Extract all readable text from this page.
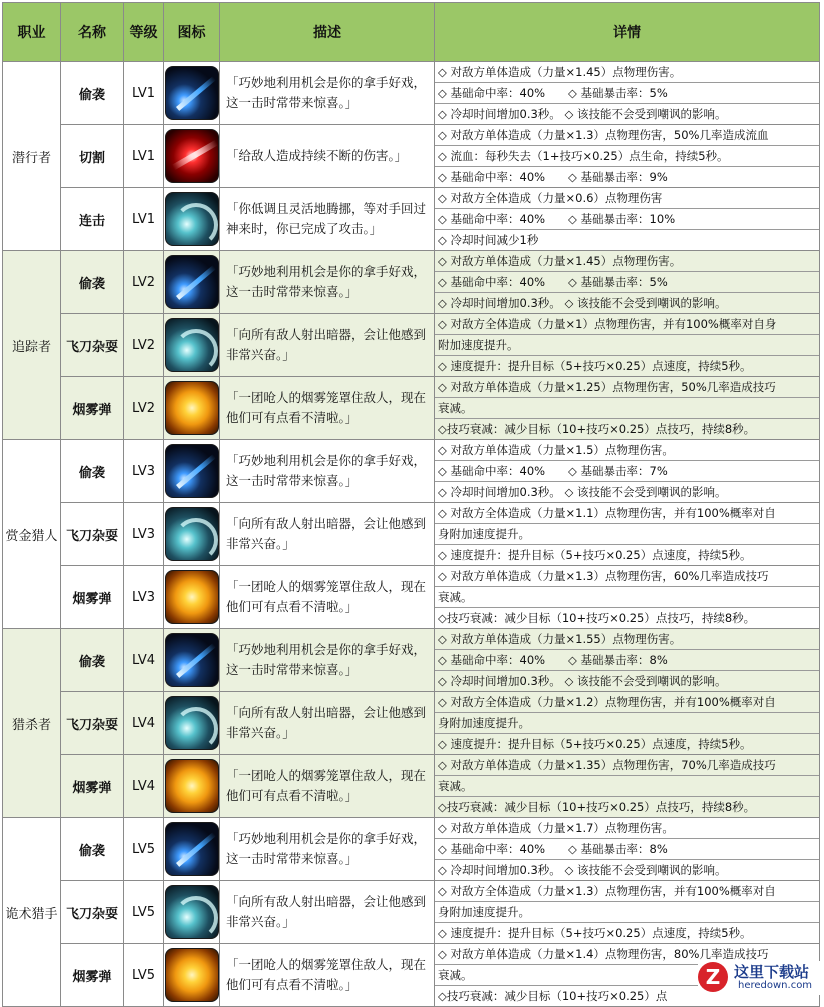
职业	名称	等级	图标	描述	详情
潜行者	偷袭	LV1		「巧妙地利用机会是你的拿手好戏，这一击时常带来惊喜。」	◇ 对敌方单体造成（力量×1.45）点物理伤害。
◇ 基础命中率：40%　　◇ 基础暴击率：5%
◇ 冷却时间增加0.3秒。 ◇ 该技能不会受到嘲讽的影响。

	切割	LV1		「给敌人造成持续不断的伤害。」	◇ 对敌方单体造成（力量×1.3）点物理伤害，50%几率造成流血
◇ 流血：每秒失去（1+技巧×0.25）点生命，持续5秒。
◇ 基础命中率：40%　　◇ 基础暴击率：9%

	连击	LV1		「你低调且灵活地腾挪，等对手回过神来时，你已完成了攻击。」	◇ 对敌方全体造成（力量×0.6）点物理伤害
◇ 基础命中率：40%　　◇ 基础暴击率：10%
◇ 冷却时间减少1秒

追踪者	偷袭	LV2		「巧妙地利用机会是你的拿手好戏，这一击时常带来惊喜。」	◇ 对敌方单体造成（力量×1.45）点物理伤害。
◇ 基础命中率：40%　　◇ 基础暴击率：5%
◇ 冷却时间增加0.3秒。 ◇ 该技能不会受到嘲讽的影响。

	飞刀杂耍	LV2		「向所有敌人射出暗器，会让他感到非常兴奋。」	◇ 对敌方全体造成（力量×1）点物理伤害，并有100%概率对自身
附加速度提升。
◇ 速度提升：提升目标（5+技巧×0.25）点速度，持续5秒。

	烟雾弹	LV2		「一团呛人的烟雾笼罩住敌人，现在他们可有点看不清啦。」	◇ 对敌方单体造成（力量×1.25）点物理伤害，50%几率造成技巧
衰减。
◇技巧衰减：减少目标（10+技巧×0.25）点技巧，持续8秒。

赏金猎人	偷袭	LV3		「巧妙地利用机会是你的拿手好戏，这一击时常带来惊喜。」	◇ 对敌方单体造成（力量×1.5）点物理伤害。
◇ 基础命中率：40%　　◇ 基础暴击率：7%
◇ 冷却时间增加0.3秒。 ◇ 该技能不会受到嘲讽的影响。

	飞刀杂耍	LV3		「向所有敌人射出暗器，会让他感到非常兴奋。」	◇ 对敌方全体造成（力量×1.1）点物理伤害，并有100%概率对自
身附加速度提升。
◇ 速度提升：提升目标（5+技巧×0.25）点速度，持续5秒。

	烟雾弹	LV3		「一团呛人的烟雾笼罩住敌人，现在他们可有点看不清啦。」	◇ 对敌方单体造成（力量×1.3）点物理伤害，60%几率造成技巧
衰减。
◇技巧衰减：减少目标（10+技巧×0.25）点技巧，持续8秒。

猎杀者	偷袭	LV4		「巧妙地利用机会是你的拿手好戏，这一击时常带来惊喜。」	◇ 对敌方单体造成（力量×1.55）点物理伤害。
◇ 基础命中率：40%　　◇ 基础暴击率：8%
◇ 冷却时间增加0.3秒。 ◇ 该技能不会受到嘲讽的影响。

	飞刀杂耍	LV4		「向所有敌人射出暗器，会让他感到非常兴奋。」	◇ 对敌方全体造成（力量×1.2）点物理伤害，并有100%概率对自
身附加速度提升。
◇ 速度提升：提升目标（5+技巧×0.25）点速度，持续5秒。

	烟雾弹	LV4		「一团呛人的烟雾笼罩住敌人，现在他们可有点看不清啦。」	◇ 对敌方单体造成（力量×1.35）点物理伤害，70%几率造成技巧
衰减。
◇技巧衰减：减少目标（10+技巧×0.25）点技巧，持续8秒。

诡术猎手	偷袭	LV5		「巧妙地利用机会是你的拿手好戏，这一击时常带来惊喜。」	◇ 对敌方单体造成（力量×1.7）点物理伤害。
◇ 基础命中率：40%　　◇ 基础暴击率：8%
◇ 冷却时间增加0.3秒。 ◇ 该技能不会受到嘲讽的影响。

	飞刀杂耍	LV5		「向所有敌人射出暗器，会让他感到非常兴奋。」	◇ 对敌方全体造成（力量×1.3）点物理伤害，并有100%概率对自
身附加速度提升。
◇ 速度提升：提升目标（5+技巧×0.25）点速度，持续5秒。

	烟雾弹	LV5		「一团呛人的烟雾笼罩住敌人，现在他们可有点看不清啦。」	◇ 对敌方单体造成（力量×1.4）点物理伤害，80%几率造成技巧
衰减。
◇技巧衰减：减少目标（10+技巧×0.25）点
Z 这里下载站
heredown.com
